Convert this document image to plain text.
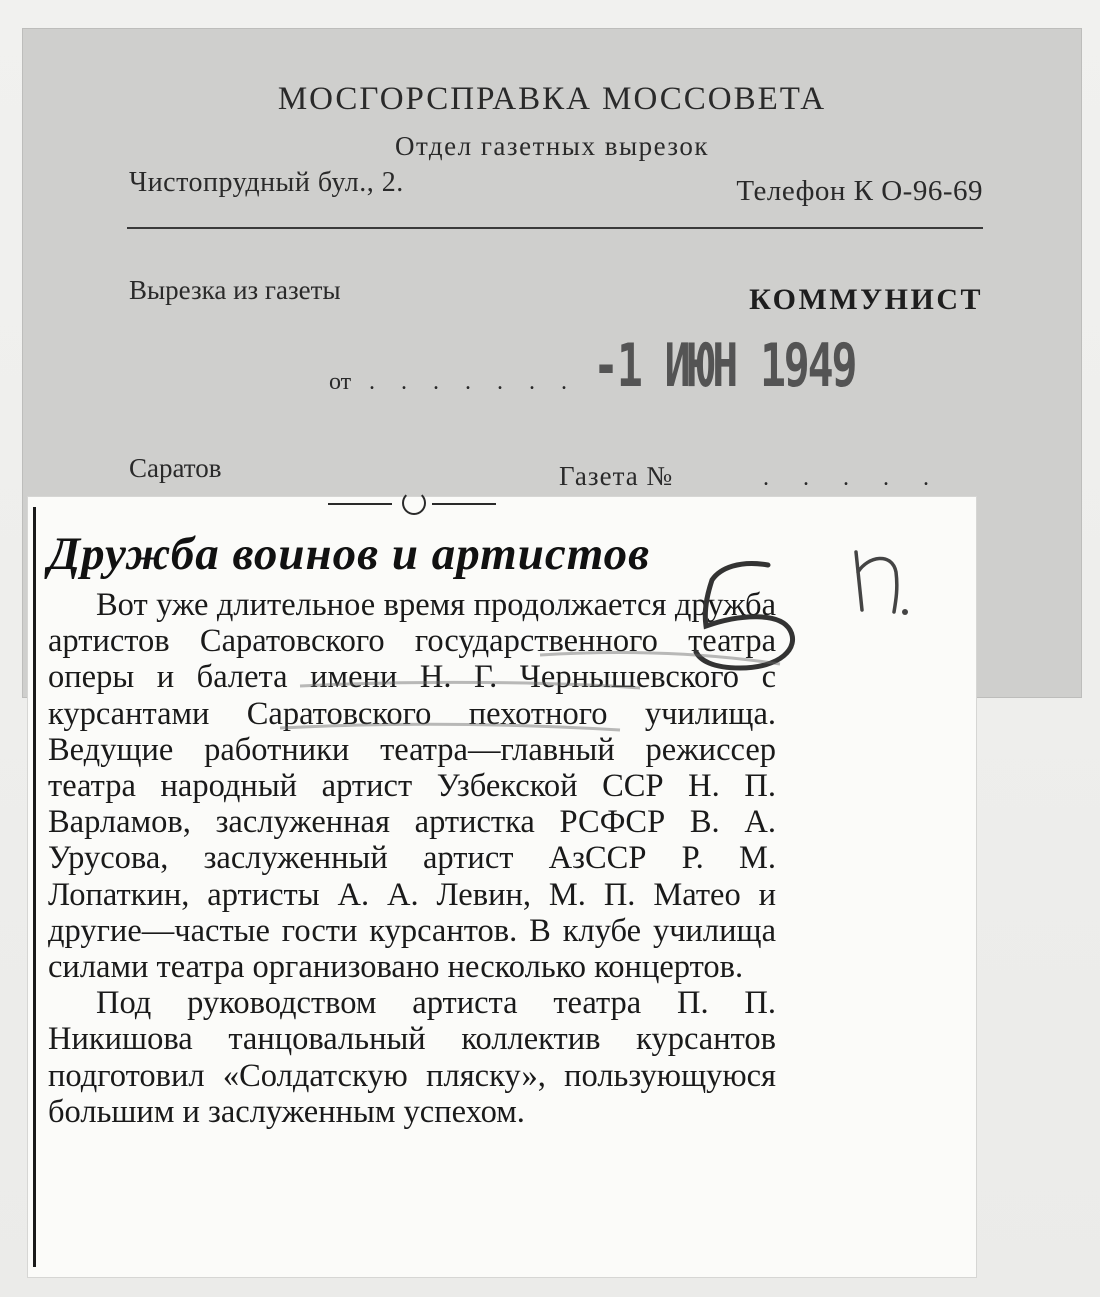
МОСГОРСПРАВКА МОССОВЕТА
Отдел газетных вырезок
Чистопрудный бул., 2.	Телефон К О-96-69
Вырезка из газеты	КОММУНИСТ
от . . . . . . . -1 ИЮН 1949
Саратов	Газета №	. . . . .
Дружба воинов и артистов

Вот уже длительное время продолжается дружба артистов Саратовского государственного театра оперы и балета имени Н. Г. Чернышевского с курсантами Саратовского пехотного училища. Ведущие работники театра—главный режиссер театра народный артист Узбекской ССР Н. П. Варламов, заслуженная артистка РСФСР В. А. Урусова, заслуженный артист АзССР Р. М. Лопаткин, артисты А. А. Левин, М. П. Матео и другие—частые гости курсантов. В клубе училища силами театра организовано несколько концертов.

Под руководством артиста театра П. П. Никишова танцовальный коллектив курсантов подготовил «Солдатскую пляску», пользующуюся большим и заслуженным успехом.
